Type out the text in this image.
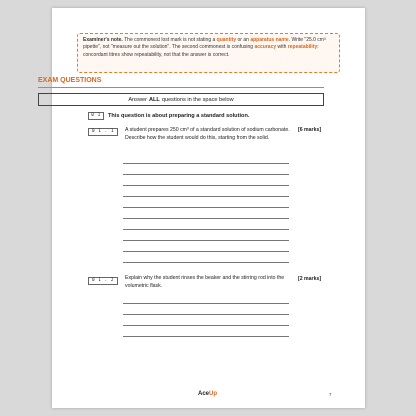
Examiner's note. The commonest lost mark is not stating a quantity or an apparatus name. Write "25.0 cm³ pipette", not "measure out the solution". The second commonest is confusing accuracy with repeatability: concordant titres show repeatability, not that the answer is correct.
EXAM QUESTIONS
Answer ALL questions in the space below
0 1	This question is about preparing a standard solution.
0 1 . 1	A student prepares 250 cm³ of a standard solution of sodium carbonate. Describe how the student would do this, starting from the solid.
[6 marks]
0 1 . 2	Explain why the student rinses the beaker and the stirring rod into the volumetric flask.
[2 marks]
AceUp	7
